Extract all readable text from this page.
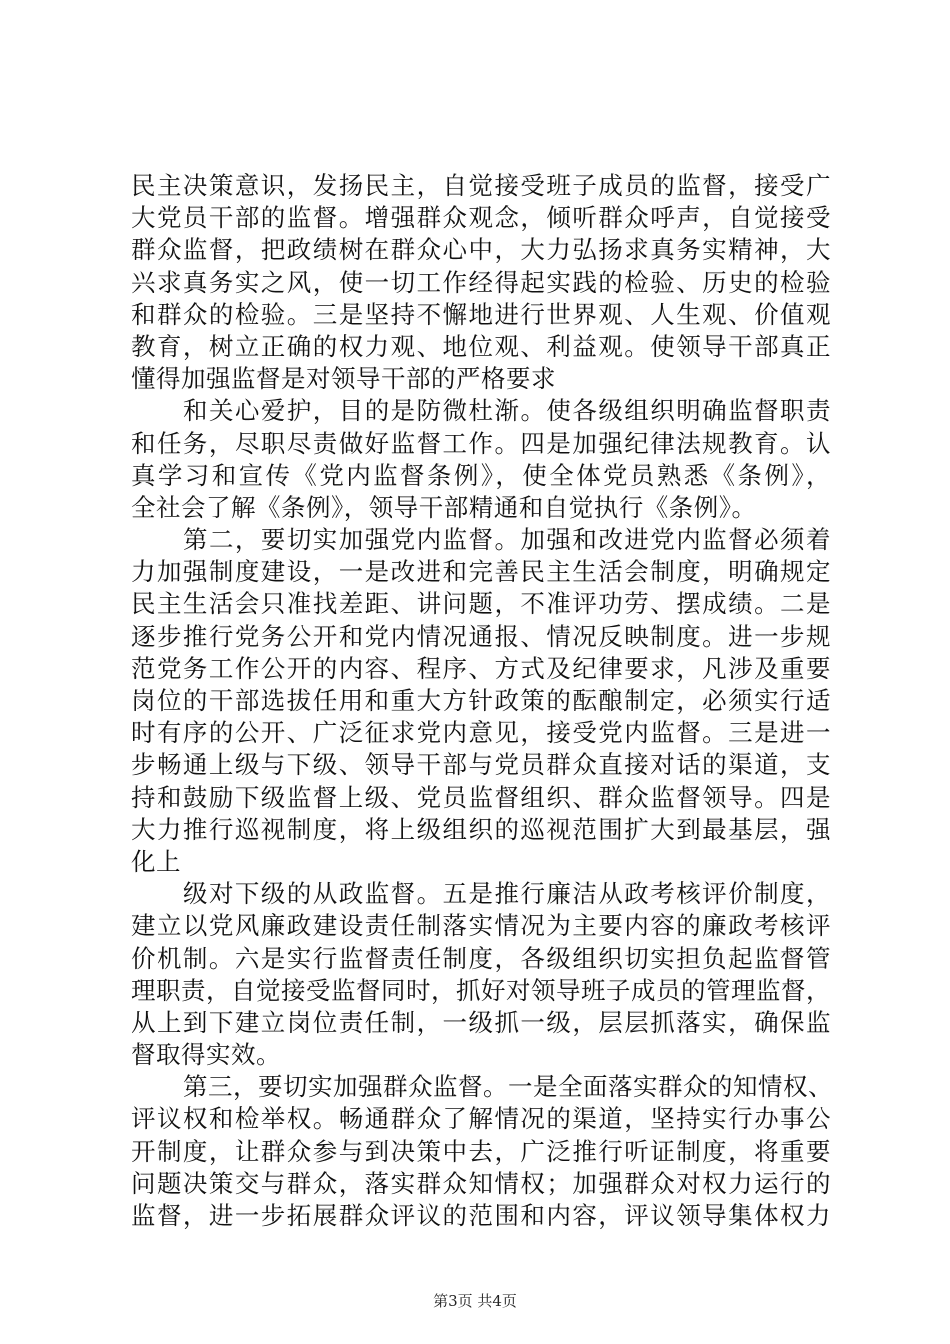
民主决策意识，发扬民主，自觉接受班子成员的监督，接受广
大党员干部的监督。增强群众观念，倾听群众呼声，自觉接受
群众监督，把政绩树在群众心中，大力弘扬求真务实精神，大
兴求真务实之风，使一切工作经得起实践的检验、历史的检验
和群众的检验。三是坚持不懈地进行世界观、人生观、价值观
教育，树立正确的权力观、地位观、利益观。使领导干部真正
懂得加强监督是对领导干部的严格要求
和关心爱护，目的是防微杜渐。使各级组织明确监督职责
和任务，尽职尽责做好监督工作。四是加强纪律法规教育。认
真学习和宣传《党内监督条例》，使全体党员熟悉《条例》，
全社会了解《条例》，领导干部精通和自觉执行《条例》。
第二，要切实加强党内监督。加强和改进党内监督必须着
力加强制度建设，一是改进和完善民主生活会制度，明确规定
民主生活会只准找差距、讲问题，不准评功劳、摆成绩。二是
逐步推行党务公开和党内情况通报、情况反映制度。进一步规
范党务工作公开的内容、程序、方式及纪律要求，凡涉及重要
岗位的干部选拔任用和重大方针政策的酝酿制定，必须实行适
时有序的公开、广泛征求党内意见，接受党内监督。三是进一
步畅通上级与下级、领导干部与党员群众直接对话的渠道，支
持和鼓励下级监督上级、党员监督组织、群众监督领导。四是
大力推行巡视制度，将上级组织的巡视范围扩大到最基层，强
化上
级对下级的从政监督。五是推行廉洁从政考核评价制度，
建立以党风廉政建设责任制落实情况为主要内容的廉政考核评
价机制。六是实行监督责任制度，各级组织切实担负起监督管
理职责，自觉接受监督同时，抓好对领导班子成员的管理监督，
从上到下建立岗位责任制，一级抓一级，层层抓落实，确保监
督取得实效。
第三，要切实加强群众监督。一是全面落实群众的知情权、
评议权和检举权。畅通群众了解情况的渠道，坚持实行办事公
开制度，让群众参与到决策中去，广泛推行听证制度，将重要
问题决策交与群众，落实群众知情权；加强群众对权力运行的
监督，进一步拓展群众评议的范围和内容，评议领导集体权力
第3页 共4页
